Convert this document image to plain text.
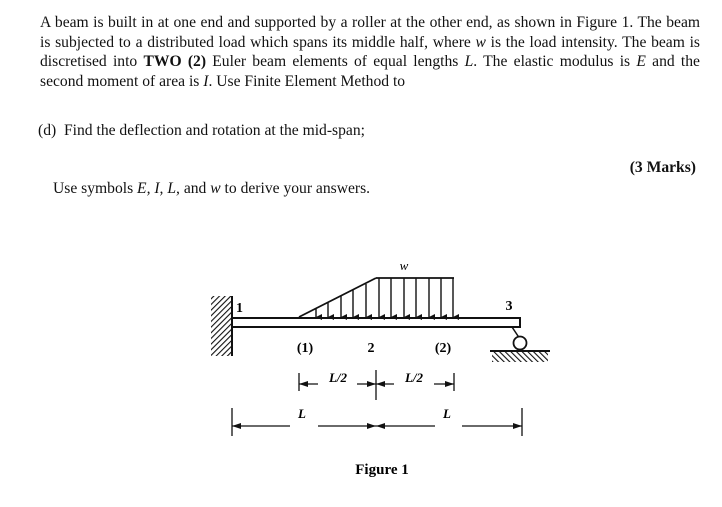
A beam is built in at one end and supported by a roller at the other end, as shown in Figure 1. The beam is subjected to a distributed load which spans its middle half, where w is the load intensity. The beam is discretised into TWO (2) Euler beam elements of equal lengths L. The elastic modulus is E and the second moment of area is I. Use Finite Element Method to
(d) Find the deflection and rotation at the mid-span;
(3 Marks)
Use symbols E, I, L, and w to derive your answers.
w
1
2
3
(1)	(2)
L/2	L/2
L	L
Figure 1
